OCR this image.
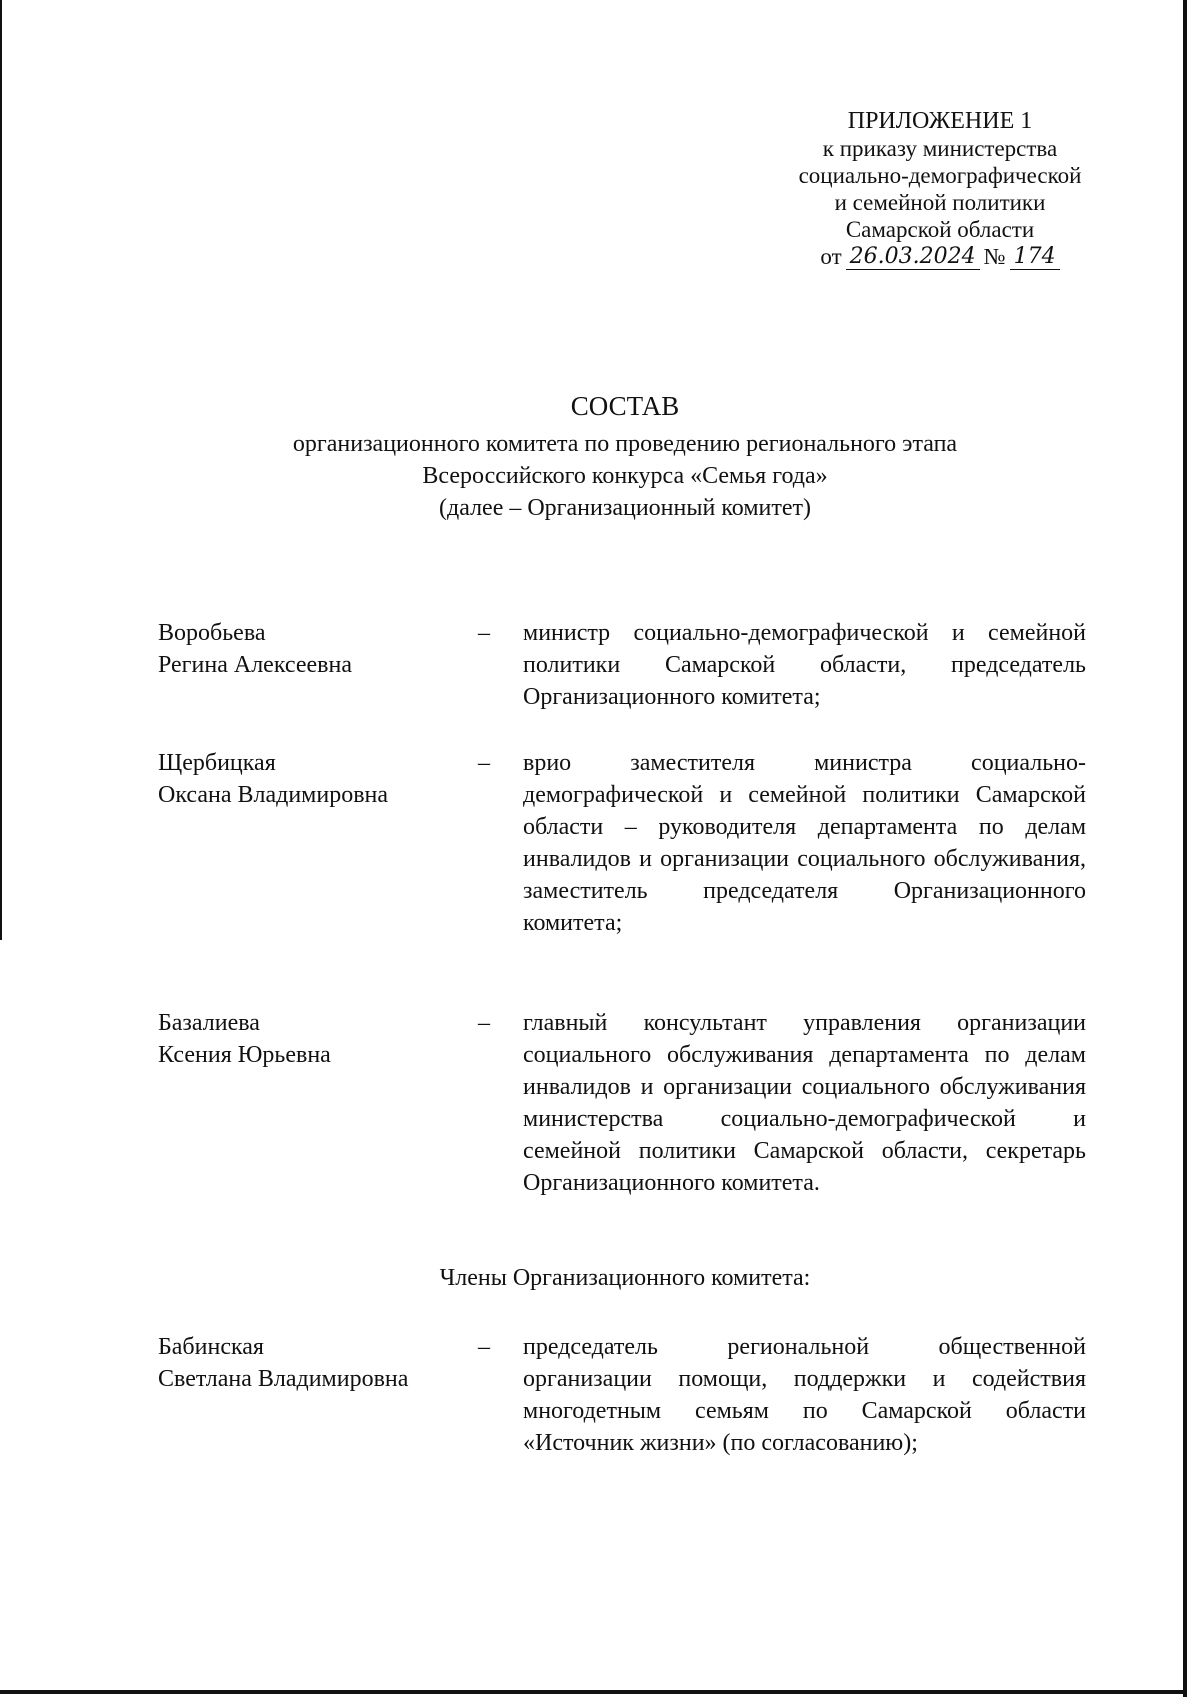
ПРИЛОЖЕНИЕ 1
к приказу министерства
социально-демографической
и семейной политики
Самарской области
от 26.03.2024 № 174
СОСТАВ
организационного комитета по проведению регионального этапа
Всероссийского конкурса «Семья года»
(далее – Организационный комитет)
Воробьева
Регина Алексеевна
– министр социально-демографической и семейной политики Самарской области, председатель Организационного комитета;
Щербицкая
Оксана Владимировна
– врио заместителя министра социально-демографической и семейной политики Самарской области – руководителя департамента по делам инвалидов и организации социального обслуживания, заместитель председателя Организационного комитета;
Базалиева
Ксения Юрьевна
– главный консультант управления организации социального обслуживания департамента по делам инвалидов и организации социального обслуживания министерства социально-демографической и семейной политики Самарской области, секретарь Организационного комитета.
Члены Организационного комитета:
Бабинская
Светлана Владимировна
– председатель региональной общественной организации помощи, поддержки и содействия многодетным семьям по Самарской области «Источник жизни» (по согласованию);
